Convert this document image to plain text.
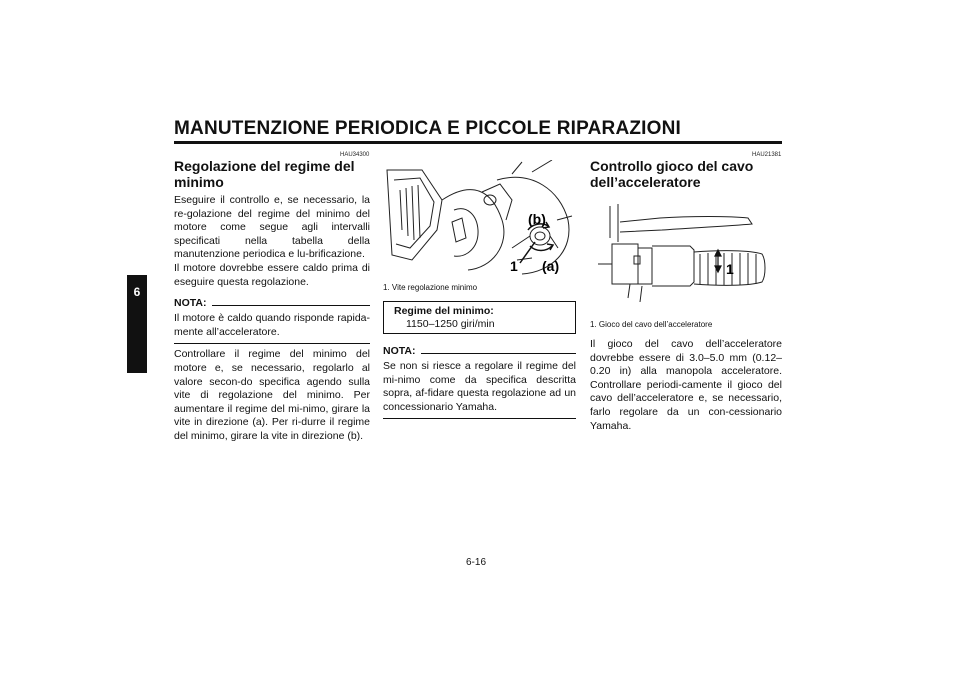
MANUTENZIONE PERIODICA E PICCOLE RIPARAZIONI
6
HAU34300
Regolazione del regime del
minimo

Eseguire il controllo e, se necessario, la re-golazione del regime del minimo del motore come segue agli intervalli specificati nella tabella della manutenzione periodica e lu-brificazione.

Il motore dovrebbe essere caldo prima di eseguire questa regolazione.

NOTA:
Il motore è caldo quando risponde rapida-mente all’acceleratore.
Controllare il regime del minimo del motore e, se necessario, regolarlo al valore secon-do specifica agendo sulla vite di regolazione del minimo. Per aumentare il regime del mi-nimo, girare la vite in direzione (a). Per ri-durre il regime del minimo, girare la vite in direzione (b).
1
(b)
(a)
1. Vite regolazione minimo
Regime del minimo:
1150–1250 giri/min
NOTA:
Se non si riesce a regolare il regime del mi-nimo come da specifica descritta sopra, af-fidare questa regolazione ad un concessionario Yamaha.
HAU21381
Controllo gioco del cavo
dell’acceleratore
1
1. Gioco del cavo dell’acceleratore
Il gioco del cavo dell’acceleratore dovrebbe essere di 3.0–5.0 mm (0.12–0.20 in) alla manopola acceleratore. Controllare periodi-camente il gioco del cavo dell’acceleratore e, se necessario, farlo regolare da un con-cessionario Yamaha.
6-16
